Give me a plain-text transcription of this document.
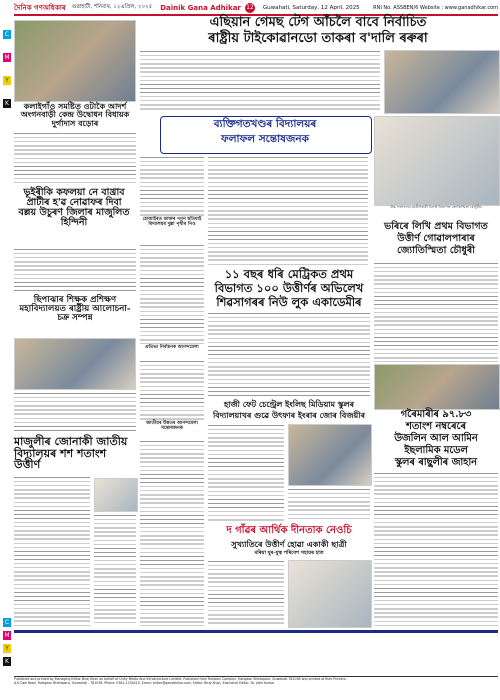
C
M
Y
K
C
M
Y
K
দৈনিক গণঅধিকাৰ গুৱাহাটী, শনিবাৰ, ১২এপ্ৰিল, ২০২৫ Dainik Gana Adhikar 12 Guwahati, Saturday, 12 April, 2025	RNI No. ASSBEN/6 Website : www.ganadhikar.com
কলাইগাঁও সমষ্টিত ওটাকৈ আদৰ্শ অংগনবাড়ী কেন্দ্ৰ উদ্বোধন বিধায়ক দুৰ্গাদাস বড়োৰ
ভূইৰীকি কফলয়া নে বাখ্ৰাব প্ৰাটীৰ হ'ৱ নোৱাফৰ দিবা বল্লয় উচুৰণ জিলাৰ মাজুলিত হিন্দিনী
ছিপাঝাৰ শিক্ষক প্ৰশিক্ষণ মহাবিদ্যালয়ত ৰাষ্ট্ৰীয় আলোচনা-চক্ৰ সম্পন্ন
মাজুলীৰ জোনাকী জাতীয় বিদ্যালয়ৰ শশ শতাংশ উত্তীৰ্ণ
এছিয়ান গেমছ টেগ আঁচলৈ বাবে নিৰ্বাচিত
ৰাষ্ট্ৰীয় টাইকোৱানডো তাকৰা ব'দালি ৰৰুৰা
ব্যক্তিগতখণ্ডৰ বিদ্যালয়ৰ
ফলাফল সন্তোষজনক
হোজাইৰত ডাক্তৰ গগন ছতিয়াই বিদ্যালয়ৰ দুল্লা পৃথীৰ পিও
প্ৰতিভা নিৰ্বাচনক আনন্দমেলা
জাতীয়ৰ উন্নতৰ আনন্দমেলা সন্তোষজনক
উচ্চ ফলাফলৰ ছাত্ৰীগৰাকী চিলাই বিভাগত জোতিস্মিতা চৌধুৰীৰ
ভৰিৰে লিখি প্ৰথম বিভাগত
উত্তীৰ্ণ গোৱালপাৰাৰ
জ্যোতিস্মিতা চৌধুৰী
১১ বছৰ ধৰি মেট্ৰিকত প্ৰথম
বিভাগত ১০০ উত্তীৰ্ণৰ অভিলেখ
শিৱসাগৰৰ নিউ লুক একাডেমীৰ
হাজী ফেট চেন্ট্ৰেল ইংলিছ মিডিয়াম স্কুলৰ
বিদ্যালয়াখৰ গুৱে উৎফাৰ ইংৰাৰ জোৰ বিজয়ীৰ	গৰৈমাৰীৰ ৯৭.৮৩
শতাংশ নম্বৰেৰে
উজলিন আল আমিন
ইছলামিক মডেল
স্কুলৰ ৰাছুলীৰ জাহান
দ গাঁৱৰ আৰ্থিক দীনতাক নেওচি
সুখ্যাতিৰে উত্তীৰ্ণ হোৱা একাকী ছাত্ৰী
মৰিয়া যুৰ-যুত্ব পৰিবেশ সহায়ৰ হাত
Published and printed by Managing Editor Biraj Khan on behalf of Unity Media And Infrastructure Limited. Published from Ruhbani Complex, Hatigaon Bhetapara, Guwahati-781038 and printed at Ruhi Printers.
A.K Deb Road, Hatigaon Bhetapara, Guwahati - 781038. Phone: 0361-2234410, Email: editor@ganadhikar.com. Editor: Biraj Khan, Executive Editor: Dr. Jatin Kumar
